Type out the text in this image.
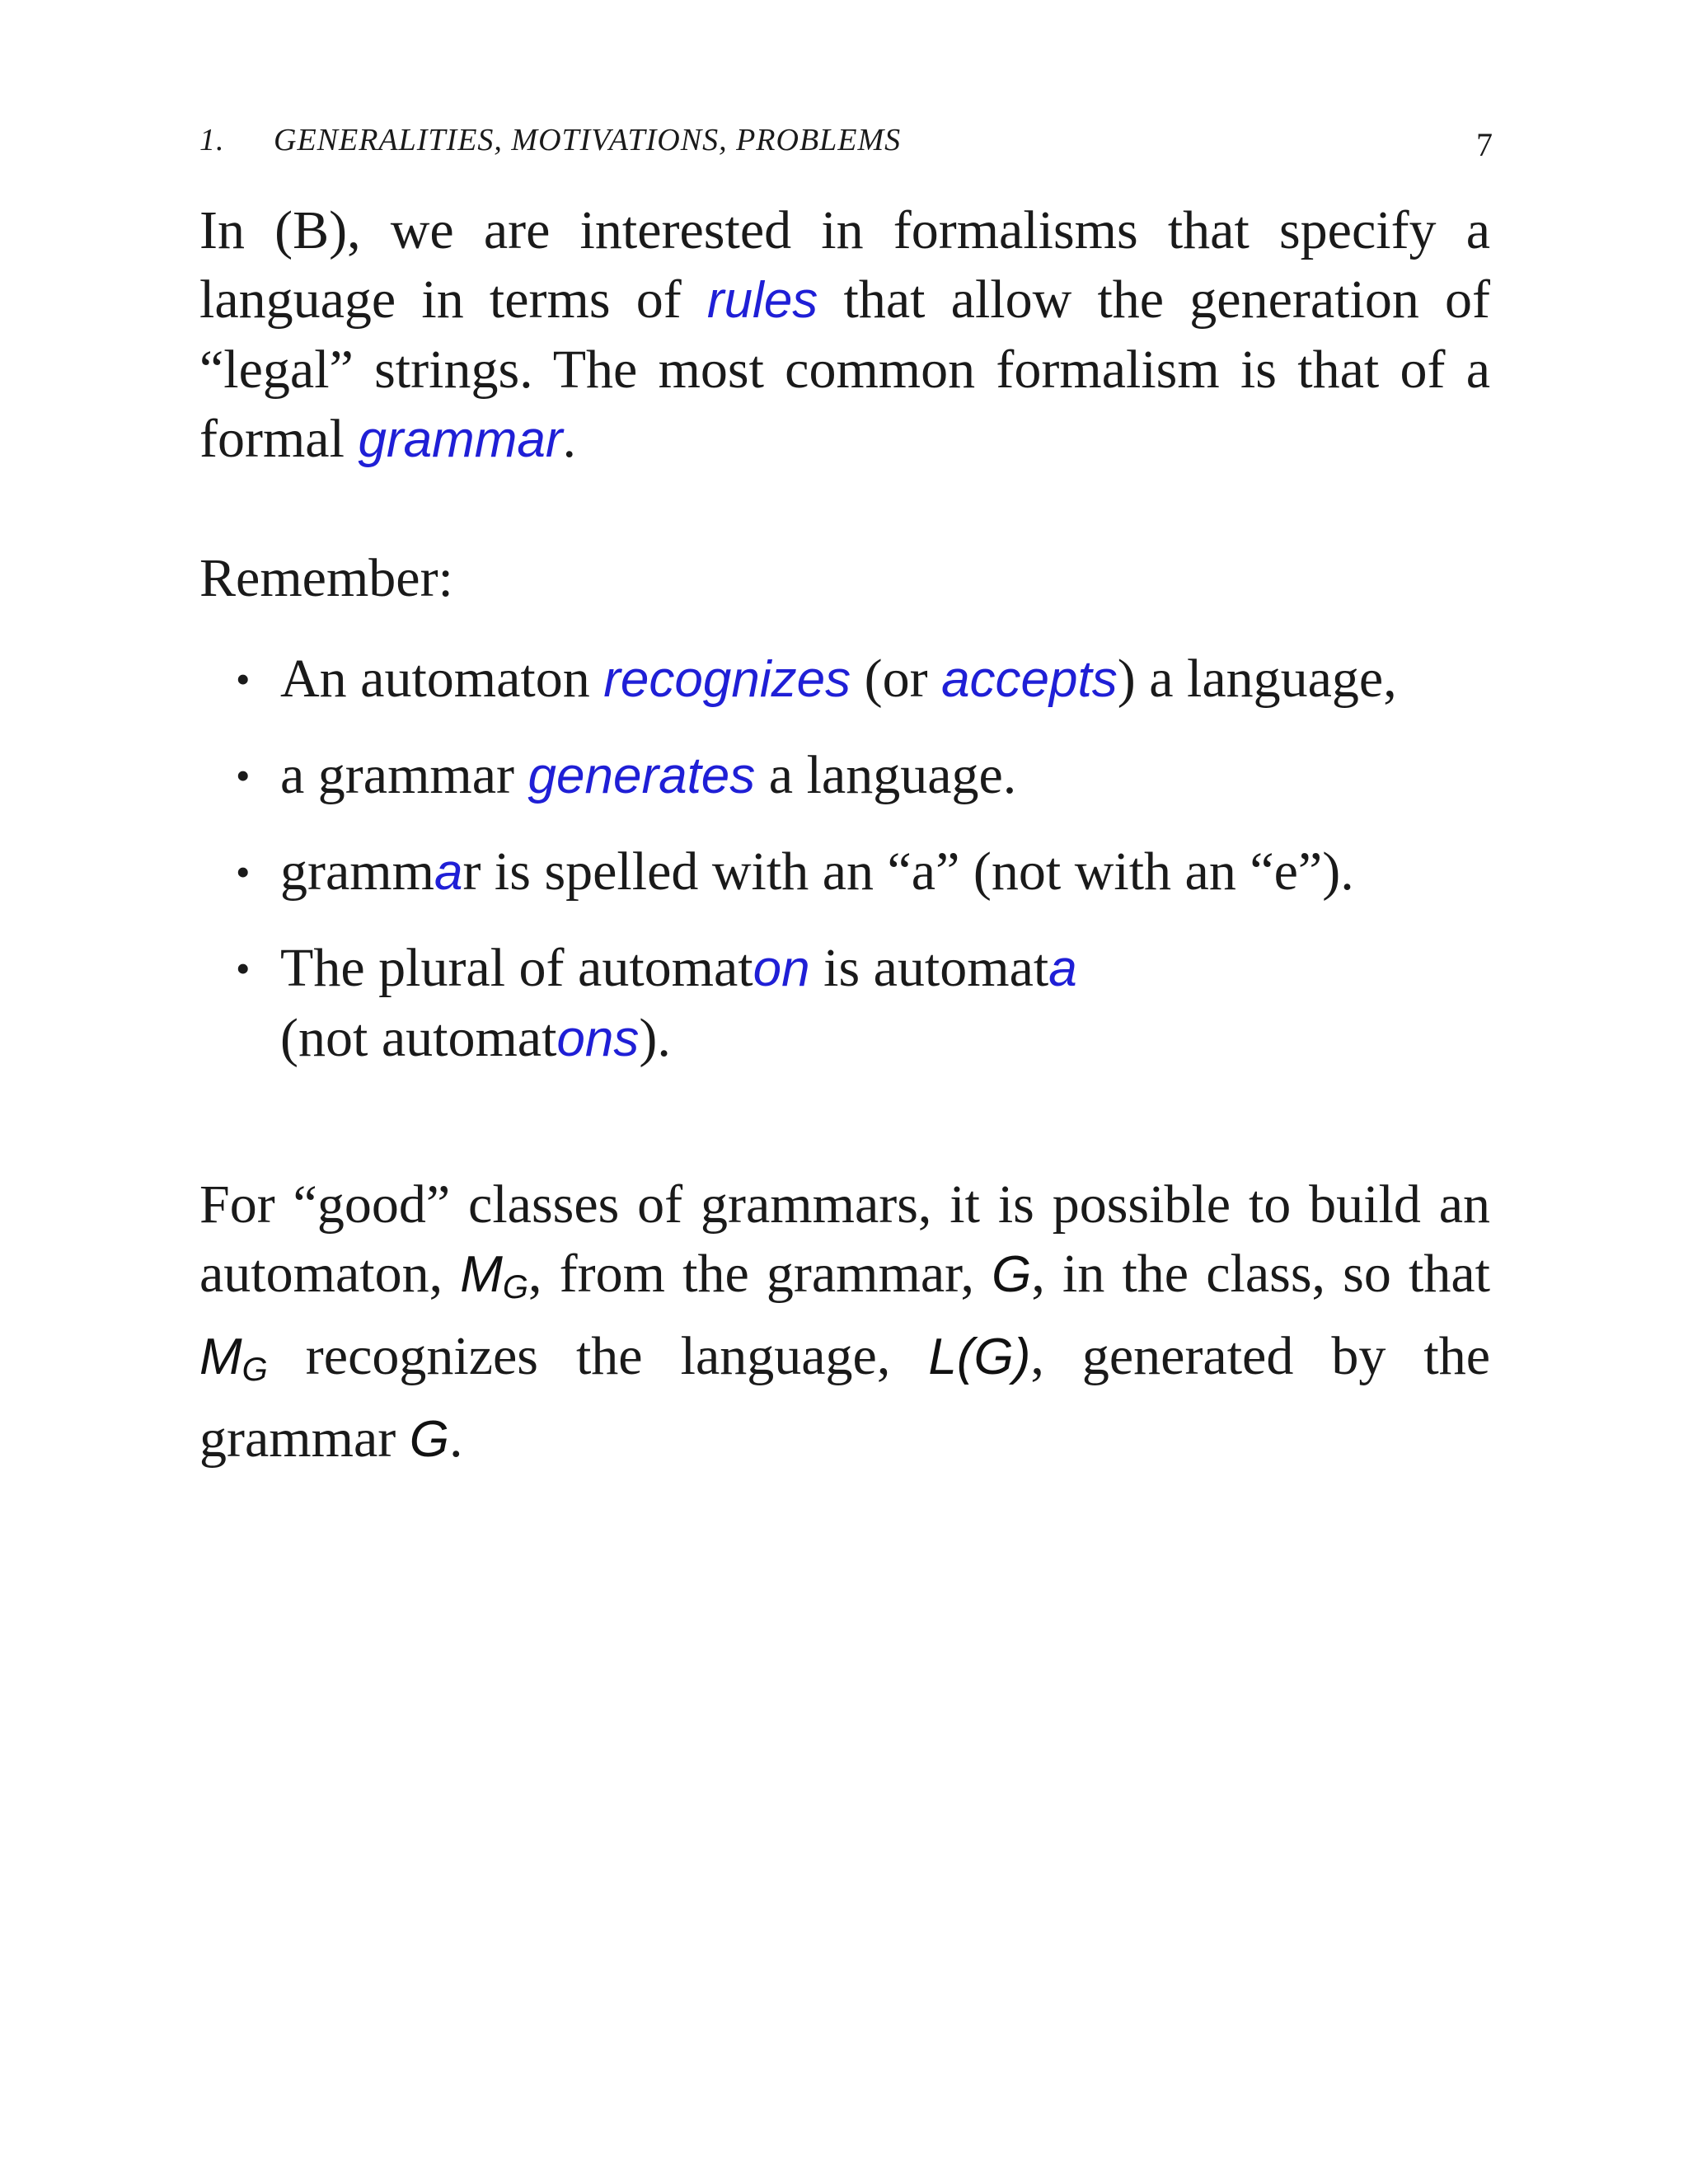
1. GENERALITIES, MOTIVATIONS, PROBLEMS	7
In (B), we are interested in formalisms that specify a language in terms of rules that allow the generation of “legal” strings. The most common formalism is that of a formal grammar.
Remember:
• An automaton recognizes (or accepts) a language,
• a grammar generates a language.
• grammar is spelled with an “a” (not with an “e”).
• The plural of automaton is automata
(not automatons).
For “good” classes of grammars, it is possible to build an automaton, $M_G$, from the grammar, G, in the class, so that $M_G$ recognizes the language, L(G), generated by the grammar G.
